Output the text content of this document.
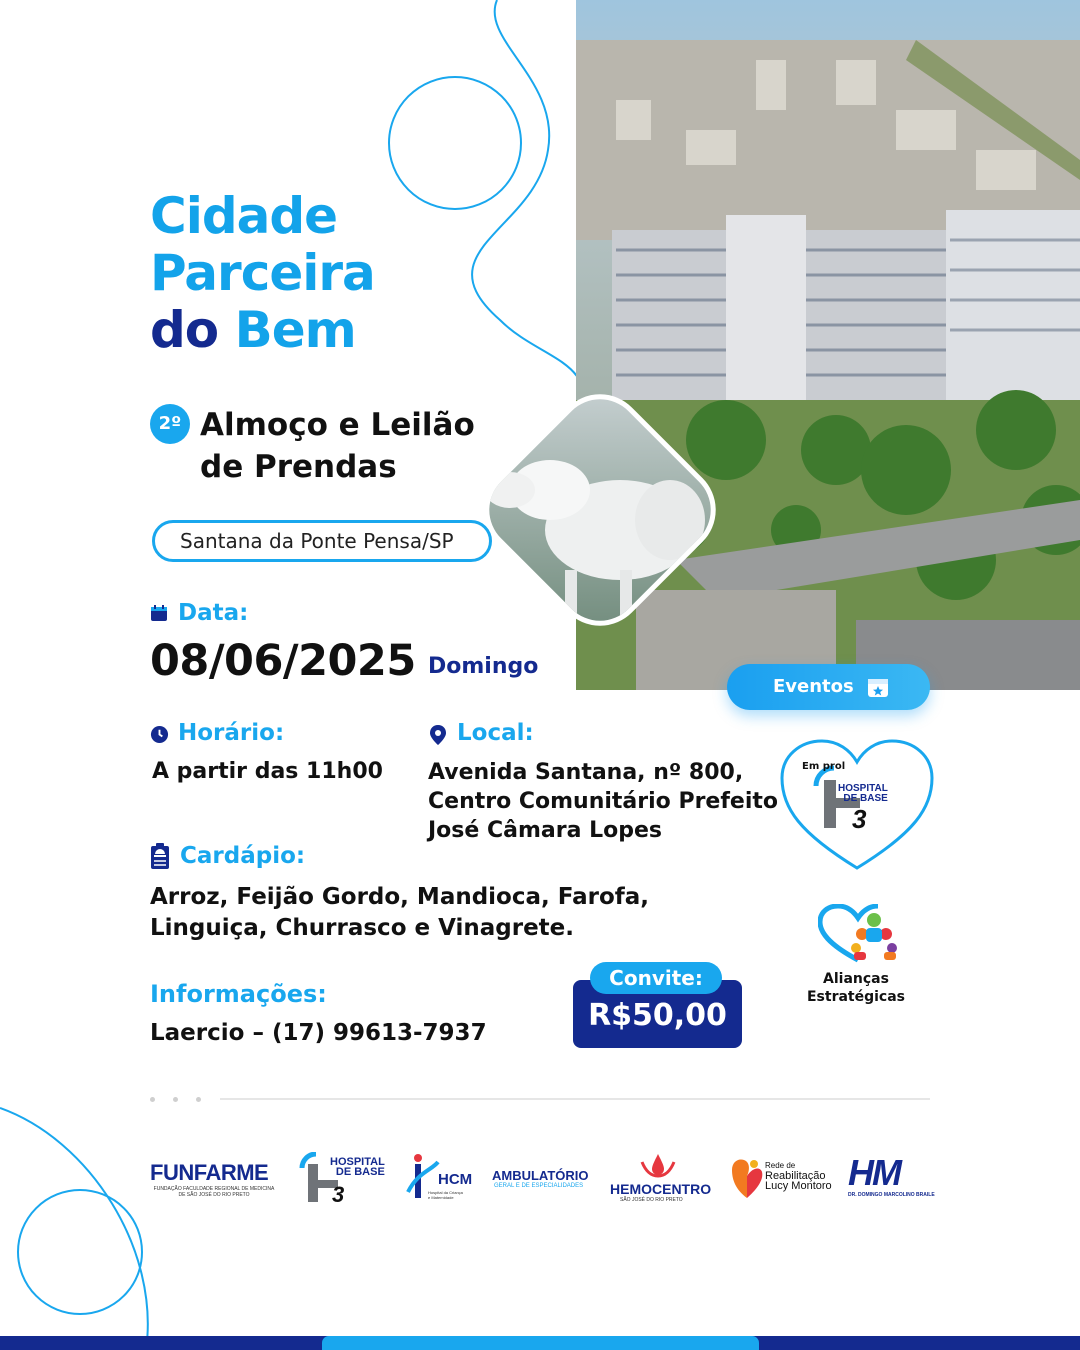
Cidade
Parceira
do Bem
2º Almoço e Leilão
de Prendas
Santana da Ponte Pensa/SP
Data:
08/06/2025 Domingo
Eventos
Horário:
A partir das 11h00
Local:
Avenida Santana, nº 800,
Centro Comunitário Prefeito
José Câmara Lopes	3
Em prol
HOSPITAL
DE BASE
Cardápio:
Arroz, Feijão Gordo, Mandioca, Farofa,
Linguiça, Churrasco e Vinagrete.
Alianças
Estratégicas
Informações:
Laercio – (17) 99613-7937
Convite:
R$50,00
FUNFARME
FUNDAÇÃO FACULDADE REGIONAL DE MEDICINA
DE SÃO JOSÉ DO RIO PRETO	3
HOSPITAL
DE BASE	HCM
Hospital da Criança
e Maternidade
AMBULATÓRIO
GERAL E DE ESPECIALIDADES HEMOCENTRO
SÃO JOSÉ DO RIO PRETO
Rede de
Reabilitação
Lucy Montoro HM
DR. DOMINGO MARCOLINO BRAILE
